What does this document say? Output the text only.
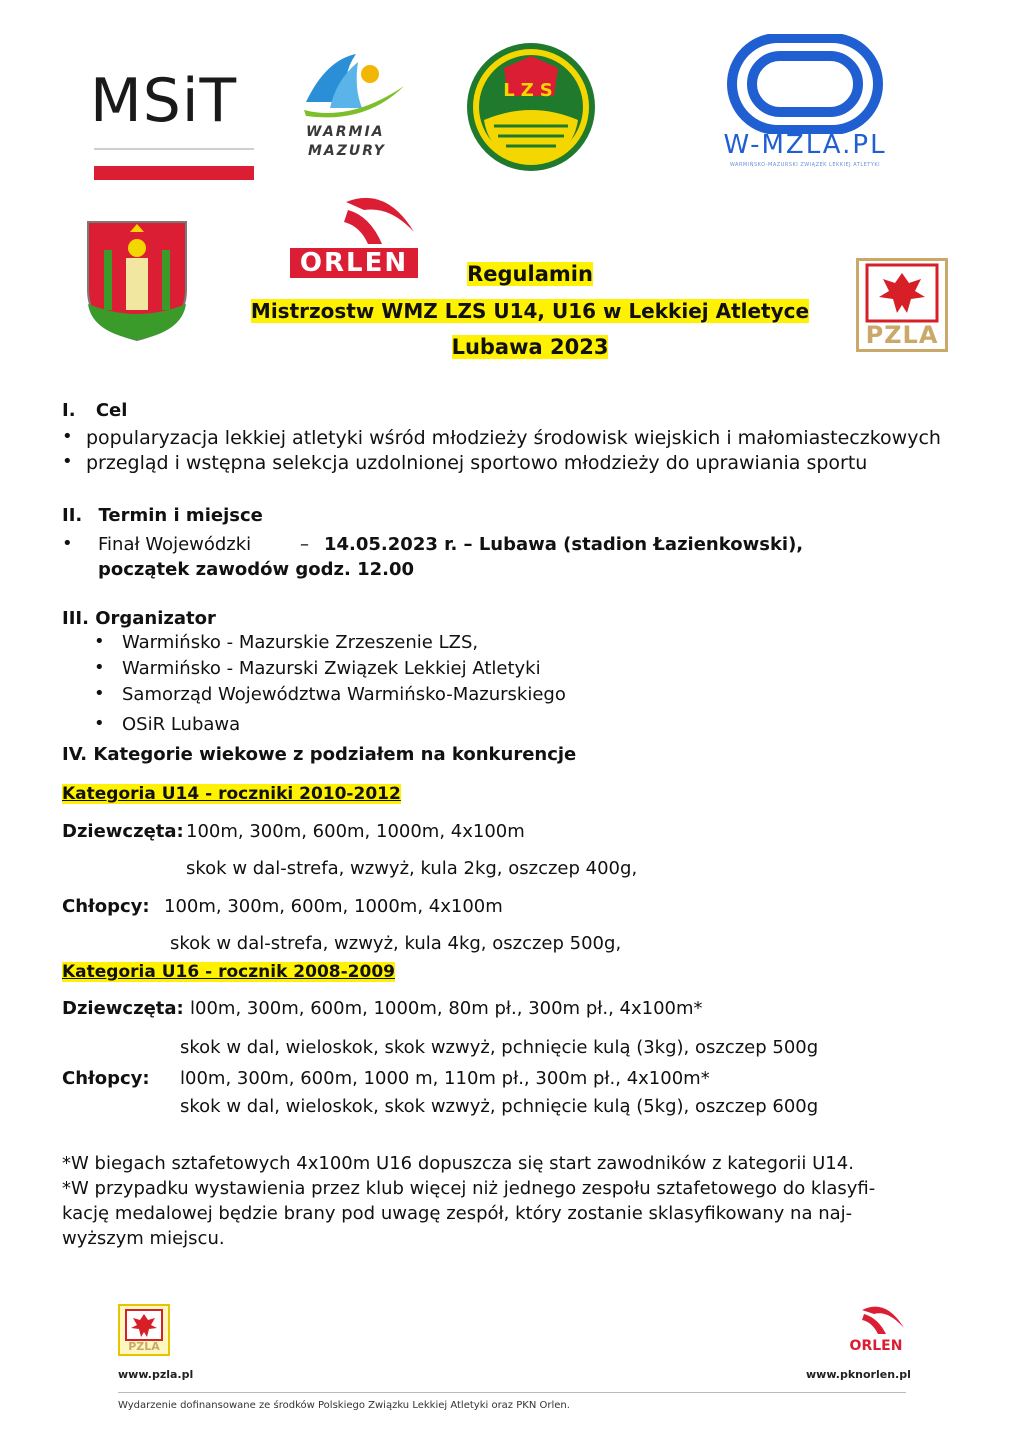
MSiT	WARMIA
MAZURY
LZS
W-MZLA.PL
WARMIŃSKO-MAZURSKI ZWIĄZEK LEKKIEJ ATLETYKI
ORLEN
PZLA
Regulamin
Mistrzostw WMZ LZS U14, U16 w Lekkiej Atletyce
Lubawa 2023
I. Cel
• popularyzacja lekkiej atletyki wśród młodzieży środowisk wiejskich i małomiasteczkowych
• przegląd i wstępna selekcja uzdolnionej sportowo młodzieży do uprawiania sportu
II. Termin i miejsce
• Finał Wojewódzki	– 14.05.2023 r. – Lubawa (stadion Łazienkowski),
początek zawodów godz. 12.00
III. Organizator
• Warmińsko - Mazurskie Zrzeszenie LZS,
• Warmińsko - Mazurski Związek Lekkiej Atletyki
• Samorząd Województwa Warmińsko-Mazurskiego
• OSiR Lubawa
IV. Kategorie wiekowe z podziałem na konkurencje
Kategoria U14 - roczniki 2010-2012
Dziewczęta: 100m, 300m, 600m, 1000m, 4x100m
skok w dal-strefa, wzwyż, kula 2kg, oszczep 400g,
Chłopcy: 100m, 300m, 600m, 1000m, 4x100m
skok w dal-strefa, wzwyż, kula 4kg, oszczep 500g,
Kategoria U16 - rocznik 2008-2009
Dziewczęta: l00m, 300m, 600m, 1000m, 80m pł., 300m pł., 4x100m*
skok w dal, wieloskok, skok wzwyż, pchnięcie kulą (3kg), oszczep 500g
Chłopcy: l00m, 300m, 600m, 1000 m, 110m pł., 300m pł., 4x100m*
skok w dal, wieloskok, skok wzwyż, pchnięcie kulą (5kg), oszczep 600g
*W biegach sztafetowych 4x100m U16 dopuszcza się start zawodników z kategorii U14.
*W przypadku wystawienia przez klub więcej niż jednego zespołu sztafetowego do klasyfi-
kację medalowej będzie brany pod uwagę zespół, który zostanie sklasyfikowany na naj-
wyższym miejscu.
PZLA
www.pzla.pl
ORLEN
www.pknorlen.pl
Wydarzenie dofinansowane ze środków Polskiego Związku Lekkiej Atletyki oraz PKN Orlen.
